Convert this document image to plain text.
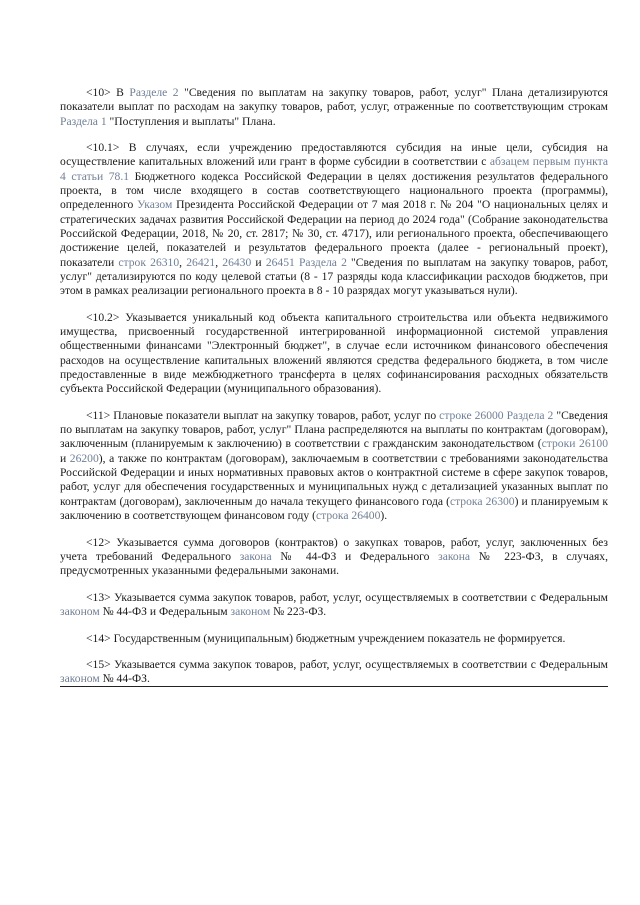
<10> В Разделе 2 "Сведения по выплатам на закупку товаров, работ, услуг" Плана детализируются показатели выплат по расходам на закупку товаров, работ, услуг, отраженные по соответствующим строкам Раздела 1 "Поступления и выплаты" Плана.

<10.1> В случаях, если учреждению предоставляются субсидия на иные цели, субсидия на осуществление капитальных вложений или грант в форме субсидии в соответствии с абзацем первым пункта 4 статьи 78.1 Бюджетного кодекса Российской Федерации в целях достижения результатов федерального проекта, в том числе входящего в состав соответствующего национального проекта (программы), определенного Указом Президента Российской Федерации от 7 мая 2018 г. № 204 "О национальных целях и стратегических задачах развития Российской Федерации на период до 2024 года" (Собрание законодательства Российской Федерации, 2018, № 20, ст. 2817; № 30, ст. 4717), или регионального проекта, обеспечивающего достижение целей, показателей и результатов федерального проекта (далее - региональный проект), показатели строк 26310, 26421, 26430 и 26451 Раздела 2 "Сведения по выплатам на закупку товаров, работ, услуг" детализируются по коду целевой статьи (8 - 17 разряды кода классификации расходов бюджетов, при этом в рамках реализации регионального проекта в 8 - 10 разрядах могут указываться нули).

<10.2> Указывается уникальный код объекта капитального строительства или объекта недвижимого имущества, присвоенный государственной интегрированной информационной системой управления общественными финансами "Электронный бюджет", в случае если источником финансового обеспечения расходов на осуществление капитальных вложений являются средства федерального бюджета, в том числе предоставленные в виде межбюджетного трансферта в целях софинансирования расходных обязательств субъекта Российской Федерации (муниципального образования).

<11> Плановые показатели выплат на закупку товаров, работ, услуг по строке 26000 Раздела 2 "Сведения по выплатам на закупку товаров, работ, услуг" Плана распределяются на выплаты по контрактам (договорам), заключенным (планируемым к заключению) в соответствии с гражданским законодательством (строки 26100 и 26200), а также по контрактам (договорам), заключаемым в соответствии с требованиями законодательства Российской Федерации и иных нормативных правовых актов о контрактной системе в сфере закупок товаров, работ, услуг для обеспечения государственных и муниципальных нужд с детализацией указанных выплат по контрактам (договорам), заключенным до начала текущего финансового года (строка 26300) и планируемым к заключению в соответствующем финансовом году (строка 26400).

<12> Указывается сумма договоров (контрактов) о закупках товаров, работ, услуг, заключенных без учета требований Федерального закона № 44-ФЗ и Федерального закона № 223-ФЗ, в случаях, предусмотренных указанными федеральными законами.

<13> Указывается сумма закупок товаров, работ, услуг, осуществляемых в соответствии с Федеральным законом № 44-ФЗ и Федеральным законом № 223-ФЗ.

<14> Государственным (муниципальным) бюджетным учреждением показатель не формируется.

<15> Указывается сумма закупок товаров, работ, услуг, осуществляемых в соответствии с Федеральным законом № 44-ФЗ.
